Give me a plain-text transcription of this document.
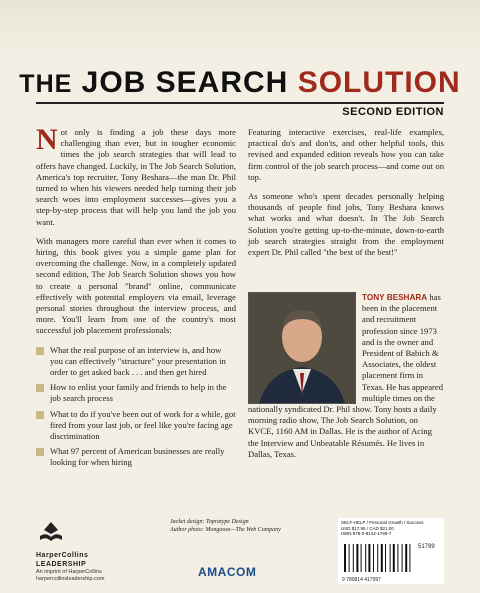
THE JOB SEARCH SOLUTION
SECOND EDITION

Not only is finding a job these days more challenging than ever, but in tougher economic times the job search strategies that will lead to offers have changed. Luckily, in The Job Search Solution, America's top recruiter, Tony Beshara—the man Dr. Phil turned to when his viewers needed help turning their job search woes into employment successes—gives you a step-by-step process that will help you land the job you want.

With managers more careful than ever when it comes to hiring, this book gives you a simple game plan for overcoming the challenge. Now, in a completely updated second edition, The Job Search Solution shows you how to create a personal "brand" online, communicate effectively with potential employers via email, leverage personal stories throughout the interview process, and more. You'll learn from one of the country's most successful job placement professionals:

What the real purpose of an interview is, and how you can effectively "structure" your presentation in order to get asked back . . . and then get hired
How to enlist your family and friends to help in the job search process
What to do if you've been out of work for a while, got fired from your last job, or feel like you're facing age discrimination
What 97 percent of American businesses are really looking for when hiring

Featuring interactive exercises, real-life examples, practical do's and don'ts, and other helpful tools, this revised and expanded edition reveals how you can take firm control of the job search process—and come out on top.

As someone who's spent decades personally helping thousands of people find jobs, Tony Beshara knows what works and what doesn't. In The Job Search Solution you're getting up-to-the-minute, down-to-earth job search strategies straight from the employment expert Dr. Phil called "the best of the best!"

TONY BESHARA has been in the placement and recruitment profession since 1973 and is the owner and President of Babich & Associates, the oldest placement firm in Texas. He has appeared multiple times on the nationally syndicated Dr. Phil show. Tony hosts a daily morning radio show, The Job Search Solution, on KVCE, 1160 AM in Dallas. He is the author of Acing the Interview and Unbeatable Résumés. He lives in Dallas, Texas.
HarperCollins
LEADERSHIP
An imprint of HarperCollins
harpercollinsleadership.com
Jacket design: Topratype Design
Author photo: Mongoose—The Web Company
AMACOM
SELF-HELP / Personal Growth / Success
USD $17.95 / CAD $21.00
ISBN 978-0-8144-1799-7
51799
9 780814 417997
